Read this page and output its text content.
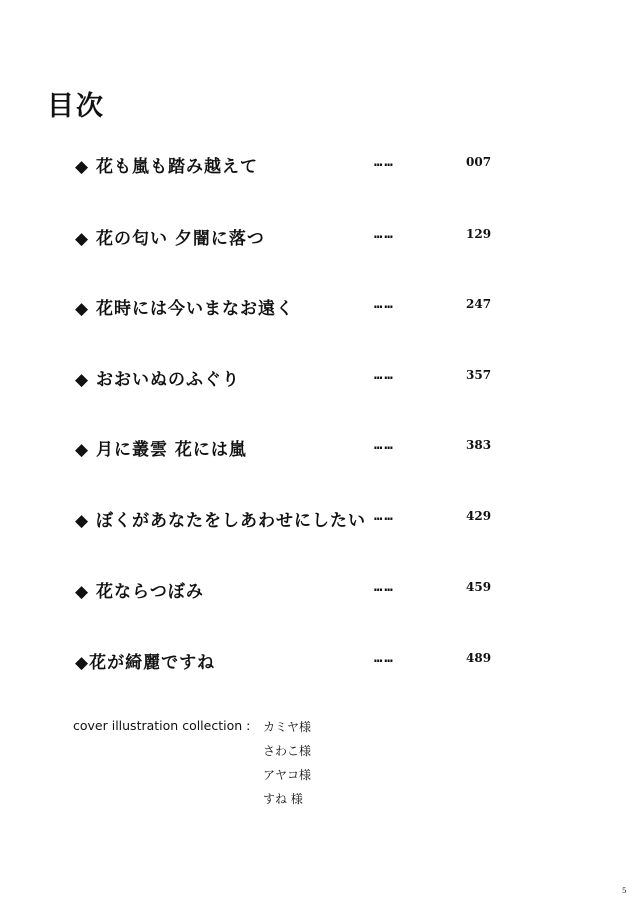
目次
◆ 花も嵐も踏み越えて	……	007
◆ 花の匂い 夕闇に落つ	……	129
◆ 花時には今いまなお遠く	……	247
◆ おおいぬのふぐり	……	357
◆ 月に叢雲 花には嵐	……	383
◆ ぼくがあなたをしあわせにしたい ……	429
◆ 花ならつぼみ	……	459
◆花が綺麗ですね	……	489
cover illustration collection : カミヤ様
さわこ様
アヤコ様
すね 様
5
